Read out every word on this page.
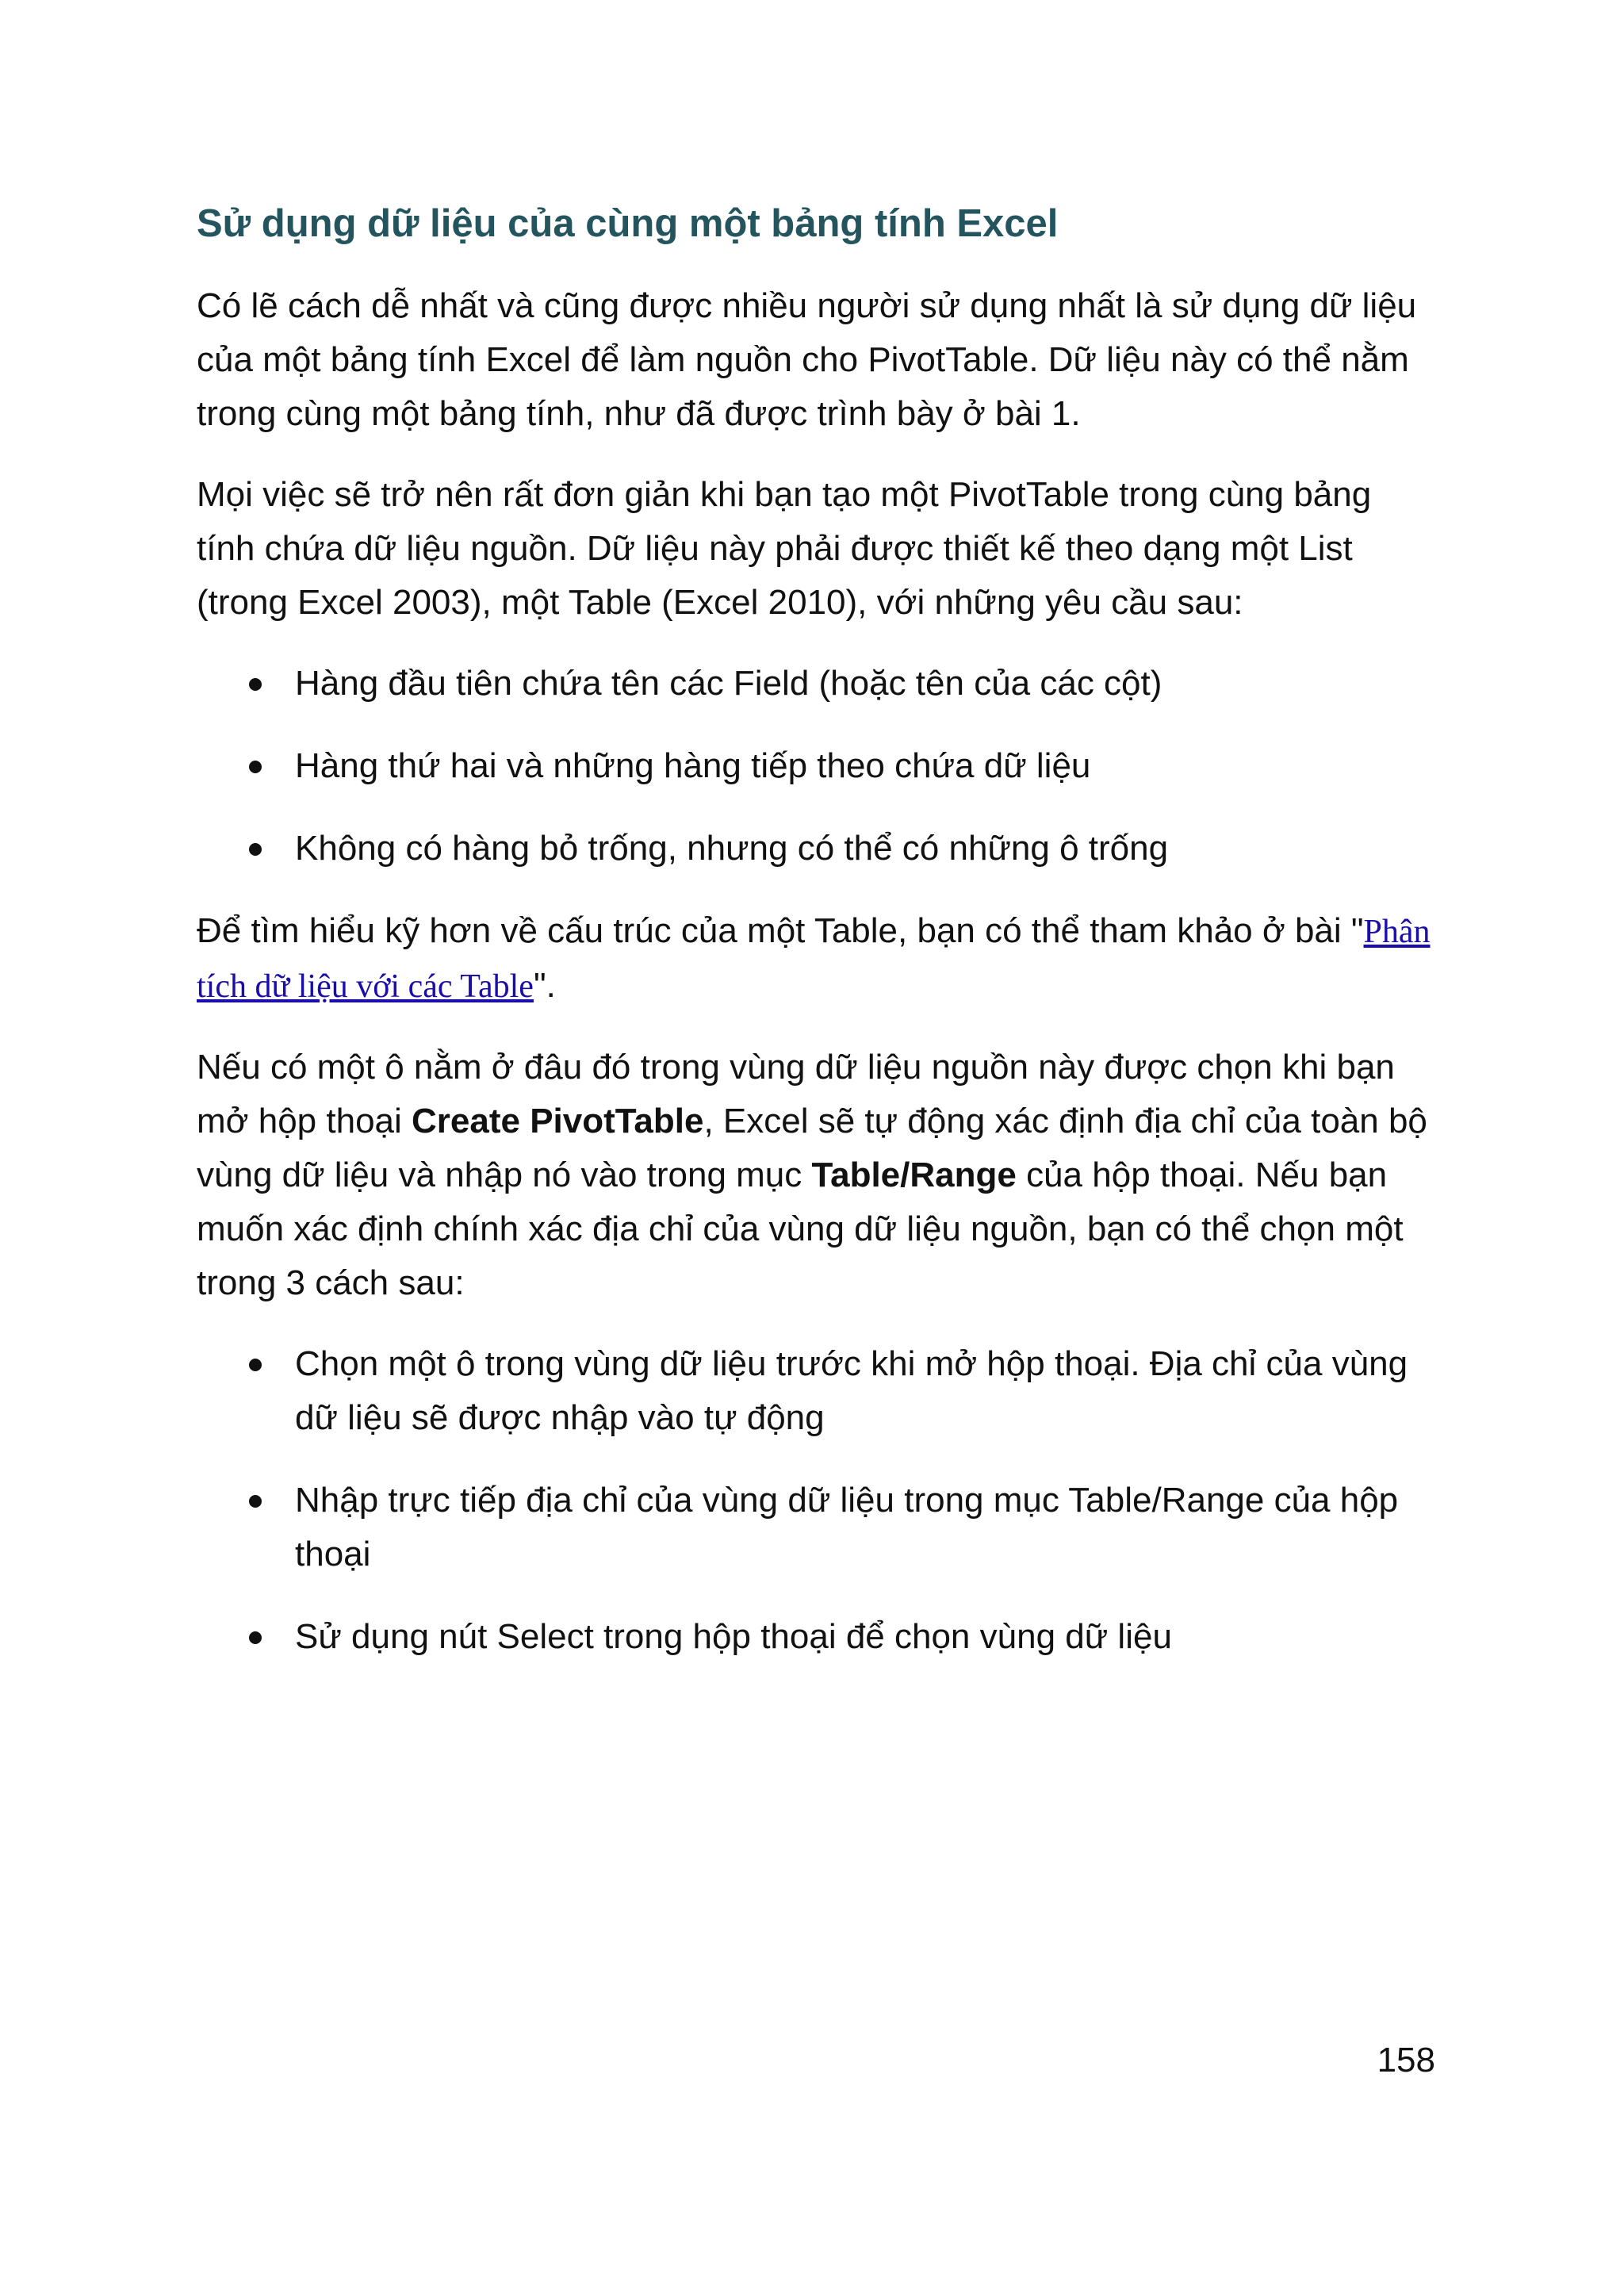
Sử dụng dữ liệu của cùng một bảng tính Excel

Có lẽ cách dễ nhất và cũng được nhiều người sử dụng nhất là sử dụng dữ liệu của một bảng tính Excel để làm nguồn cho PivotTable. Dữ liệu này có thể nằm trong cùng một bảng tính, như đã được trình bày ở bài 1.

Mọi việc sẽ trở nên rất đơn giản khi bạn tạo một PivotTable trong cùng bảng tính chứa dữ liệu nguồn. Dữ liệu này phải được thiết kế theo dạng một List (trong Excel 2003), một Table (Excel 2010), với những yêu cầu sau:

Hàng đầu tiên chứa tên các Field (hoặc tên của các cột)
Hàng thứ hai và những hàng tiếp theo chứa dữ liệu
Không có hàng bỏ trống, nhưng có thể có những ô trống

Để tìm hiểu kỹ hơn về cấu trúc của một Table, bạn có thể tham khảo ở bài "Phân tích dữ liệu với các Table".

Nếu có một ô nằm ở đâu đó trong vùng dữ liệu nguồn này được chọn khi bạn mở hộp thoại Create PivotTable, Excel sẽ tự động xác định địa chỉ của toàn bộ vùng dữ liệu và nhập nó vào trong mục Table/Range của hộp thoại. Nếu bạn muốn xác định chính xác địa chỉ của vùng dữ liệu nguồn, bạn có thể chọn một trong 3 cách sau:

Chọn một ô trong vùng dữ liệu trước khi mở hộp thoại. Địa chỉ của vùng dữ liệu sẽ được nhập vào tự động
Nhập trực tiếp địa chỉ của vùng dữ liệu trong mục Table/Range của hộp thoại
Sử dụng nút Select trong hộp thoại để chọn vùng dữ liệu
158
